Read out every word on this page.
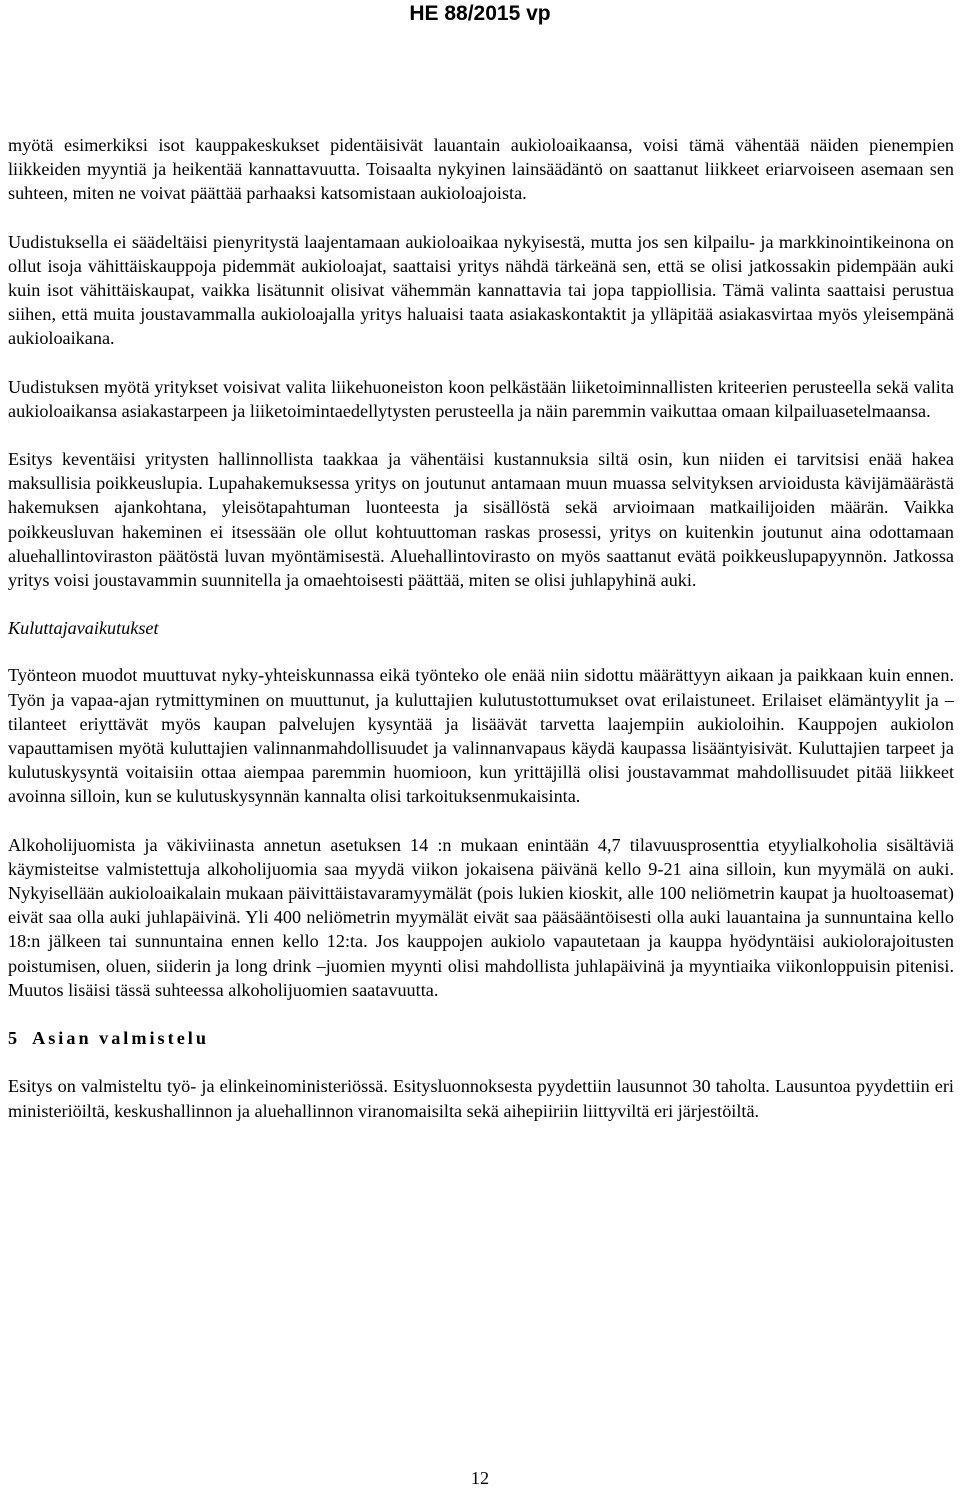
HE 88/2015 vp

myötä esimerkiksi isot kauppakeskukset pidentäisivät lauantain aukioloaikaansa, voisi tämä vähentää näiden pienempien liikkeiden myyntiä ja heikentää kannattavuutta. Toisaalta nykyinen lainsäädäntö on saattanut liikkeet eriarvoiseen asemaan sen suhteen, miten ne voivat päättää parhaaksi katsomistaan aukioloajoista.

Uudistuksella ei säädeltäisi pienyritystä laajentamaan aukioloaikaa nykyisestä, mutta jos sen kilpailu- ja markkinointikeinona on ollut isoja vähittäiskauppoja pidemmät aukioloajat, saattaisi yritys nähdä tärkeänä sen, että se olisi jatkossakin pidempään auki kuin isot vähittäiskaupat, vaikka lisätunnit olisivat vähemmän kannattavia tai jopa tappiollisia. Tämä valinta saattaisi perustua siihen, että muita joustavammalla aukioloajalla yritys haluaisi taata asiakaskontaktit ja ylläpitää asiakasvirtaa myös yleisempänä aukioloaikana.

Uudistuksen myötä yritykset voisivat valita liikehuoneiston koon pelkästään liiketoiminnallisten kriteerien perusteella sekä valita aukioloaikansa asiakastarpeen ja liiketoimintaedellytysten perusteella ja näin paremmin vaikuttaa omaan kilpailuasetelmaansa.

Esitys keventäisi yritysten hallinnollista taakkaa ja vähentäisi kustannuksia siltä osin, kun niiden ei tarvitsisi enää hakea maksullisia poikkeuslupia. Lupahakemuksessa yritys on joutunut antamaan muun muassa selvityksen arvioidusta kävijämäärästä hakemuksen ajankohtana, yleisötapahtuman luonteesta ja sisällöstä sekä arvioimaan matkailijoiden määrän. Vaikka poikkeusluvan hakeminen ei itsessään ole ollut kohtuuttoman raskas prosessi, yritys on kuitenkin joutunut aina odottamaan aluehallintoviraston päätöstä luvan myöntämisestä. Aluehallintovirasto on myös saattanut evätä poikkeuslupapyynnön. Jatkossa yritys voisi joustavammin suunnitella ja omaehtoisesti päättää, miten se olisi juhlapyhinä auki.

Kuluttajavaikutukset

Työnteon muodot muuttuvat nyky-yhteiskunnassa eikä työnteko ole enää niin sidottu määrättyyn aikaan ja paikkaan kuin ennen. Työn ja vapaa-ajan rytmittyminen on muuttunut, ja kuluttajien kulutustottumukset ovat erilaistuneet. Erilaiset elämäntyylit ja –tilanteet eriyttävät myös kaupan palvelujen kysyntää ja lisäävät tarvetta laajempiin aukioloihin. Kauppojen aukiolon vapauttamisen myötä kuluttajien valinnanmahdollisuudet ja valinnanvapaus käydä kaupassa lisääntyisivät. Kuluttajien tarpeet ja kulutuskysyntä voitaisiin ottaa aiempaa paremmin huomioon, kun yrittäjillä olisi joustavammat mahdollisuudet pitää liikkeet avoinna silloin, kun se kulutuskysynnän kannalta olisi tarkoituksenmukaisinta.

Alkoholijuomista ja väkiviinasta annetun asetuksen 14 :n mukaan enintään 4,7 tilavuusprosenttia etyylialkoholia sisältäviä käymisteitse valmistettuja alkoholijuomia saa myydä viikon jokaisena päivänä kello 9-21 aina silloin, kun myymälä on auki. Nykyisellään aukioloaikalain mukaan päivittäistavaramyymälät (pois lukien kioskit, alle 100 neliömetrin kaupat ja huoltoasemat) eivät saa olla auki juhlapäivinä. Yli 400 neliömetrin myymälät eivät saa pääsääntöisesti olla auki lauantaina ja sunnuntaina kello 18:n jälkeen tai sunnuntaina ennen kello 12:ta. Jos kauppojen aukiolo vapautetaan ja kauppa hyödyntäisi aukiolorajoitusten poistumisen, oluen, siiderin ja long drink –juomien myynti olisi mahdollista juhlapäivinä ja myyntiaika viikonloppuisin pitenisi. Muutos lisäisi tässä suhteessa alkoholijuomien saatavuutta.

5 Asian valmistelu

Esitys on valmisteltu työ- ja elinkeinoministeriössä. Esitysluonnoksesta pyydettiin lausunnot 30 taholta. Lausuntoa pyydettiin eri ministeriöiltä, keskushallinnon ja aluehallinnon viranomaisilta sekä aihepiiriin liittyviltä eri järjestöiltä.

12
